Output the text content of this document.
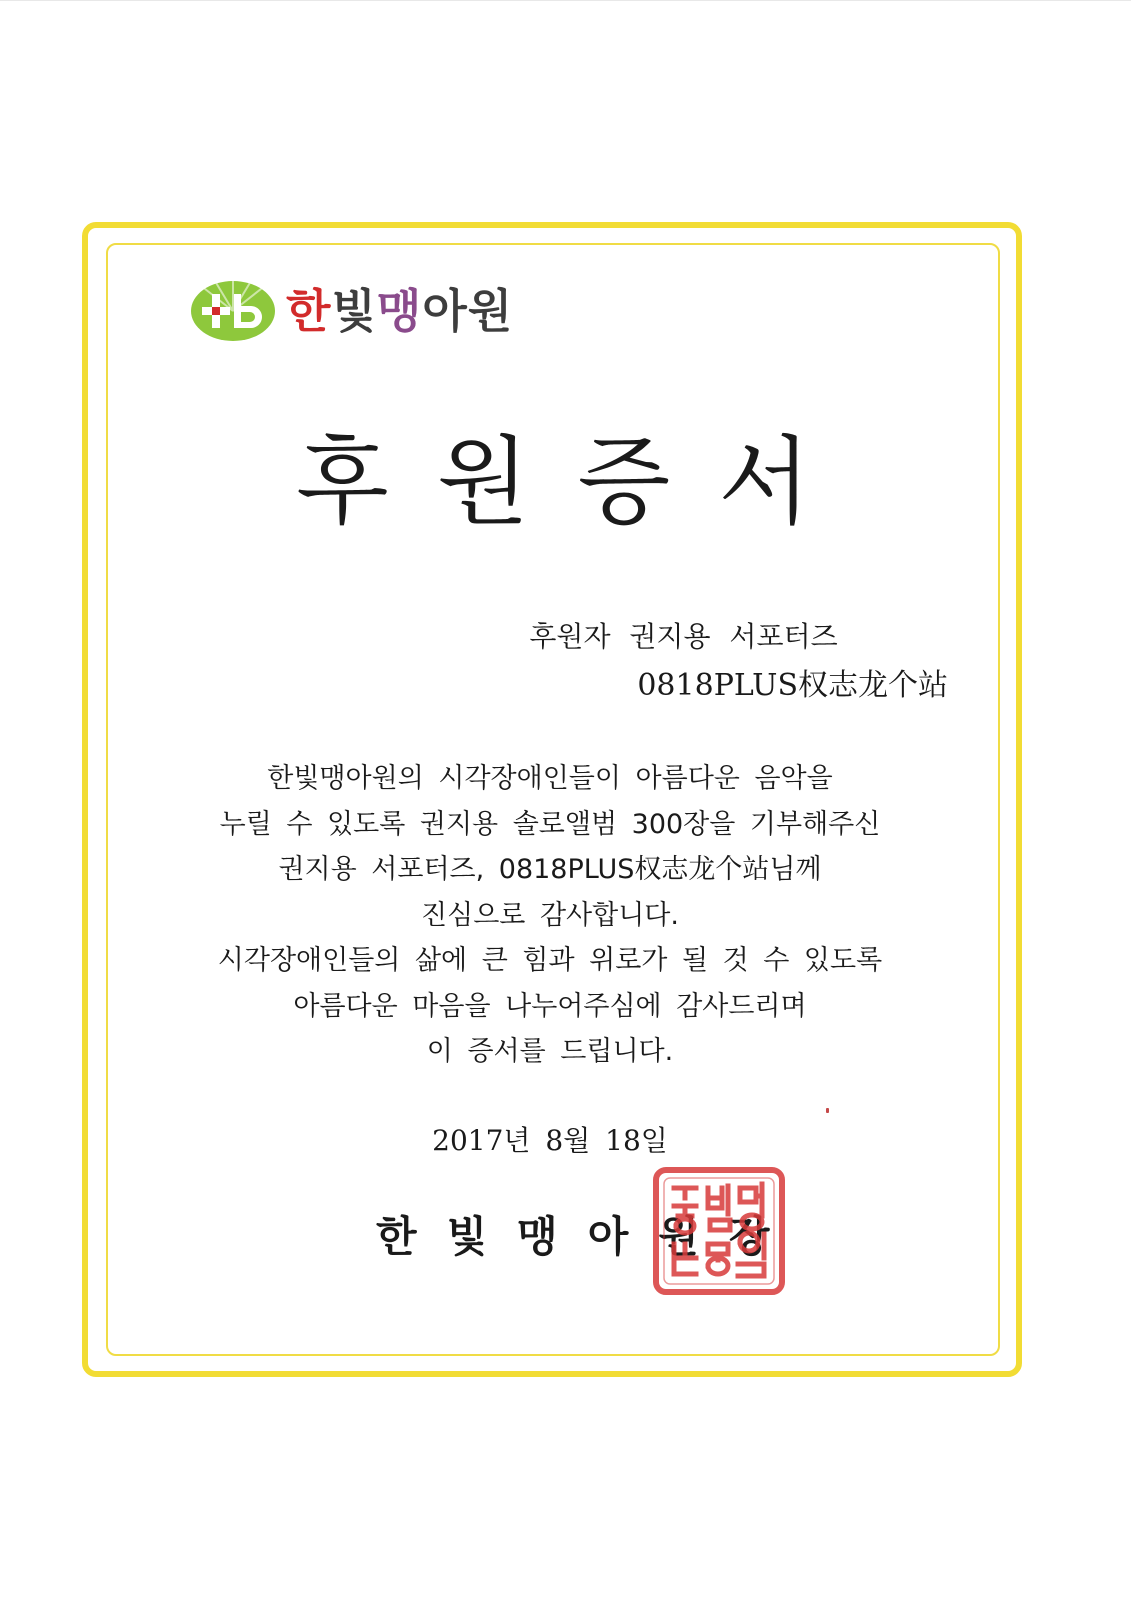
한빛맹아원
후원증서
후원자 권지용 서포터즈
0818PLUS权志龙个站
한빛맹아원의 시각장애인들이 아름다운 음악을
누릴 수 있도록 권지용 솔로앨범 300장을 기부해주신
권지용 서포터즈, 0818PLUS权志龙个站님께
진심으로 감사합니다.
시각장애인들의 삶에 큰 힘과 위로가 될 것 수 있도록
아름다운 마음을 나누어주심에 감사드리며
이 증서를 드립니다.
2017년 8월 18일
한빛맹아원장
